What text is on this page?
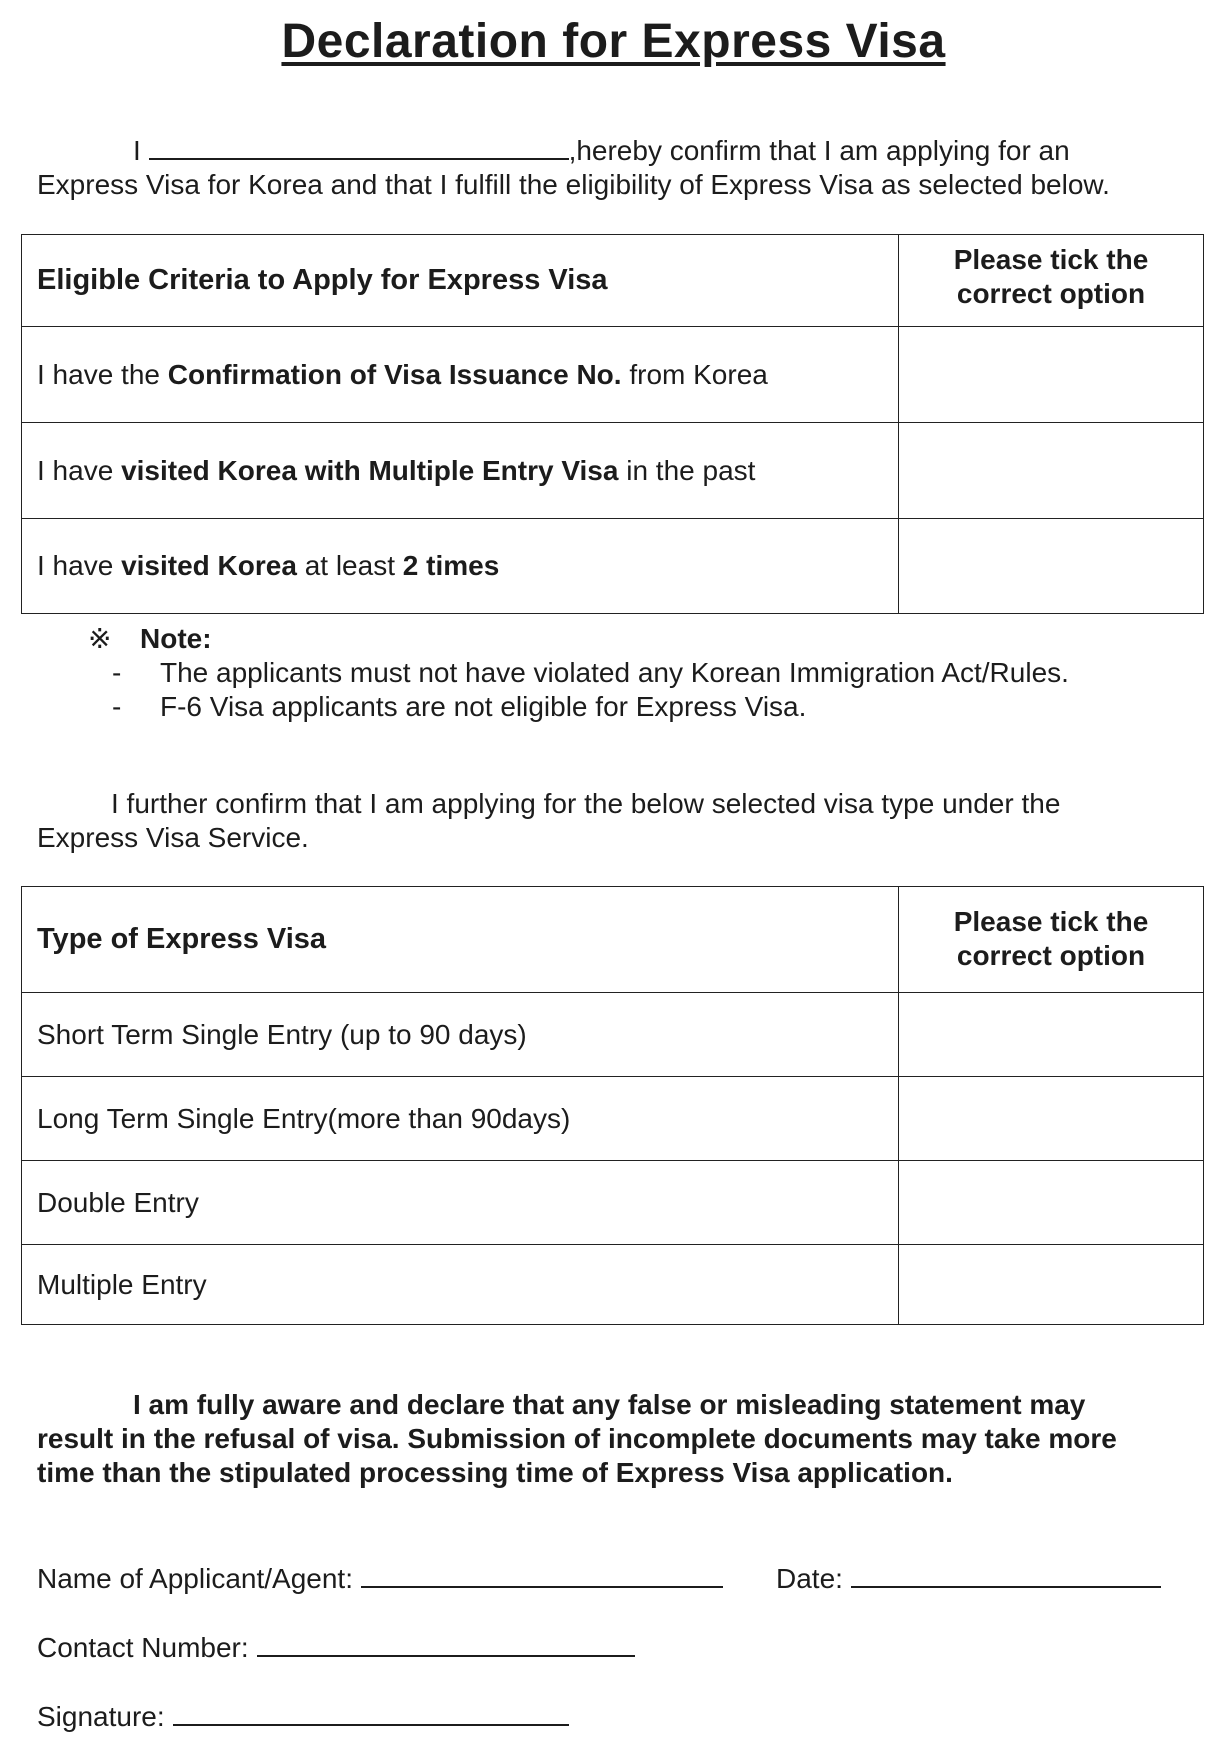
Declaration for Express Visa
I	,hereby confirm that I am applying for an
Express Visa for Korea and that I fulfill the eligibility of Express Visa as selected below.
Eligible Criteria to Apply for Express Visa	Please tick the
correct option

I have the Confirmation of Visa Issuance No. from Korea	
I have visited Korea with Multiple Entry Visa in the past	
I have visited Korea at least 2 times	
※ Note:
- The applicants must not have violated any Korean Immigration Act/Rules.
- F-6 Visa applicants are not eligible for Express Visa.
I further confirm that I am applying for the below selected visa type under the
Express Visa Service.
Type of Express Visa	Please tick the
correct option

Short Term Single Entry (up to 90 days)	
Long Term Single Entry(more than 90days)	
Double Entry	
Multiple Entry	
I am fully aware and declare that any false or misleading statement may
result in the refusal of visa. Submission of incomplete documents may take more
time than the stipulated processing time of Express Visa application.
Name of Applicant/Agent:	Date:
Contact Number:
Signature:
